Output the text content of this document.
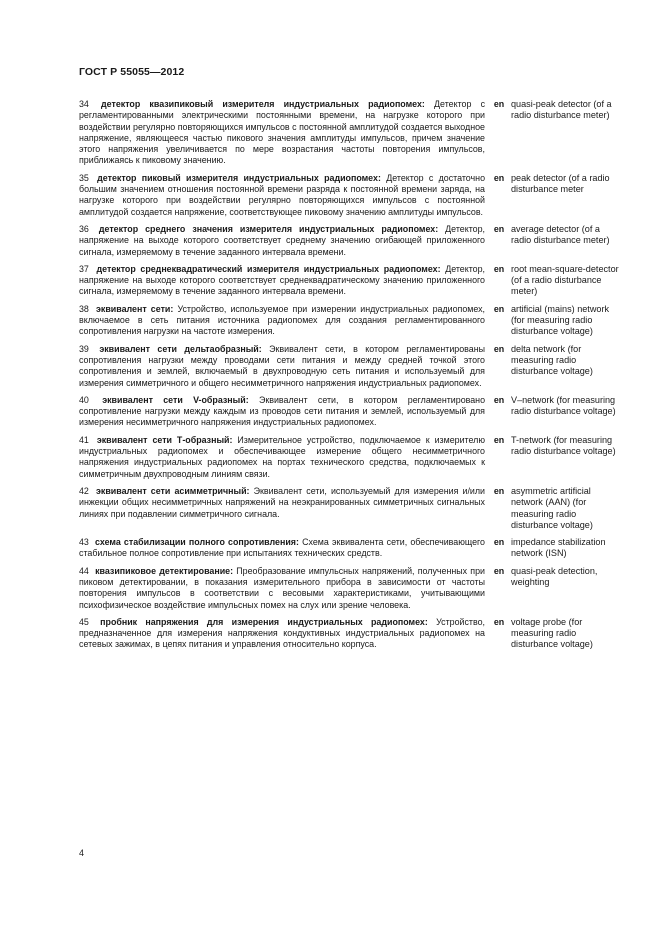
ГОСТ Р 55055—2012
34 детектор квазипиковый измерителя индустриальных радиопомех: Детектор с регламентированными электрическими постоянными времени, на нагрузке которого при воздействии регулярно повторяющихся импульсов с постоянной амплитудой создается выходное напряжение, являющееся частью пикового значения амплитуды импульсов, причем значение этого напряжения увеличивается по мере возрастания частоты повторения импульсов, приближаясь к пиковому значению.
en quasi-peak detector (of a radio disturbance meter)
35 детектор пиковый измерителя индустриальных радиопомех: Детектор с достаточно большим значением отношения постоянной времени разряда к постоянной времени заряда, на нагрузке которого при воздействии регулярно повторяющихся импульсов с постоянной амплитудой создается напряжение, соответствующее пиковому значению амплитуды импульсов.
en peak detector (of a radio disturbance meter
36 детектор среднего значения измерителя индустриальных радиопомех: Детектор, напряжение на выходе которого соответствует среднему значению огибающей приложенного сигнала, измеряемому в течение заданного интервала времени.
en average detector (of a radio disturbance meter)
37 детектор среднеквадратический измерителя индустриальных радиопомех: Детектор, напряжение на выходе которого соответствует среднеквадратическому значению приложенного сигнала, измеряемому в течение заданного интервала времени.
en root mean-square-detector (of a radio disturbance meter)
38 эквивалент сети: Устройство, используемое при измерении индустриальных радиопомех, включаемое в сеть питания источника радиопомех для создания регламентированного сопротивления нагрузки на частоте измерения.
en artificial (mains) network (for measuring radio disturbance voltage)
39 эквивалент сети дельтаобразный: Эквивалент сети, в котором регламентированы сопротивления нагрузки между проводами сети питания и между средней точкой этого сопротивления и землей, включаемый в двухпроводную сеть питания и используемый для измерения симметричного и общего несимметричного напряжения индустриальных радиопомех.
en delta network (for measuring radio disturbance voltage)
40 эквивалент сети V-образный: Эквивалент сети, в котором регламентировано сопротивление нагрузки между каждым из проводов сети питания и землей, используемый для измерения несимметричного напряжения индустриальных радиопомех.
en V–network (for measuring radio disturbance voltage)
41 эквивалент сети Т-образный: Измерительное устройство, подключаемое к измерителю индустриальных радиопомех и обеспечивающее измерение общего несимметричного напряжения индустриальных радиопомех на портах технического средства, подключаемых к симметричным двухпроводным линиям связи.
en T-network (for measuring radio disturbance voltage)
42 эквивалент сети асимметричный: Эквивалент сети, используемый для измерения и/или инжекции общих несимметричных напряжений на неэкранированных симметричных сигнальных линиях при подавлении симметричного сигнала.
en asymmetric artificial network (AAN) (for measuring radio disturbance voltage)
43 схема стабилизации полного сопротивления: Схема эквивалента сети, обеспечивающего стабильное полное сопротивление при испытаниях технических средств.
en impedance stabilization network (ISN)
44 квазипиковое детектирование: Преобразование импульсных напряжений, полученных при пиковом детектировании, в показания измерительного прибора в зависимости от частоты повторения импульсов в соответствии с весовыми характеристиками, учитывающими психофизическое воздействие импульсных помех на слух или зрение человека.
en quasi-peak detection, weighting
45 пробник напряжения для измерения индустриальных радиопомех: Устройство, предназначенное для измерения напряжения кондуктивных индустриальных радиопомех на сетевых зажимах, в цепях питания и управления относительно корпуса.
en voltage probe (for measuring radio disturbance voltage)
4
